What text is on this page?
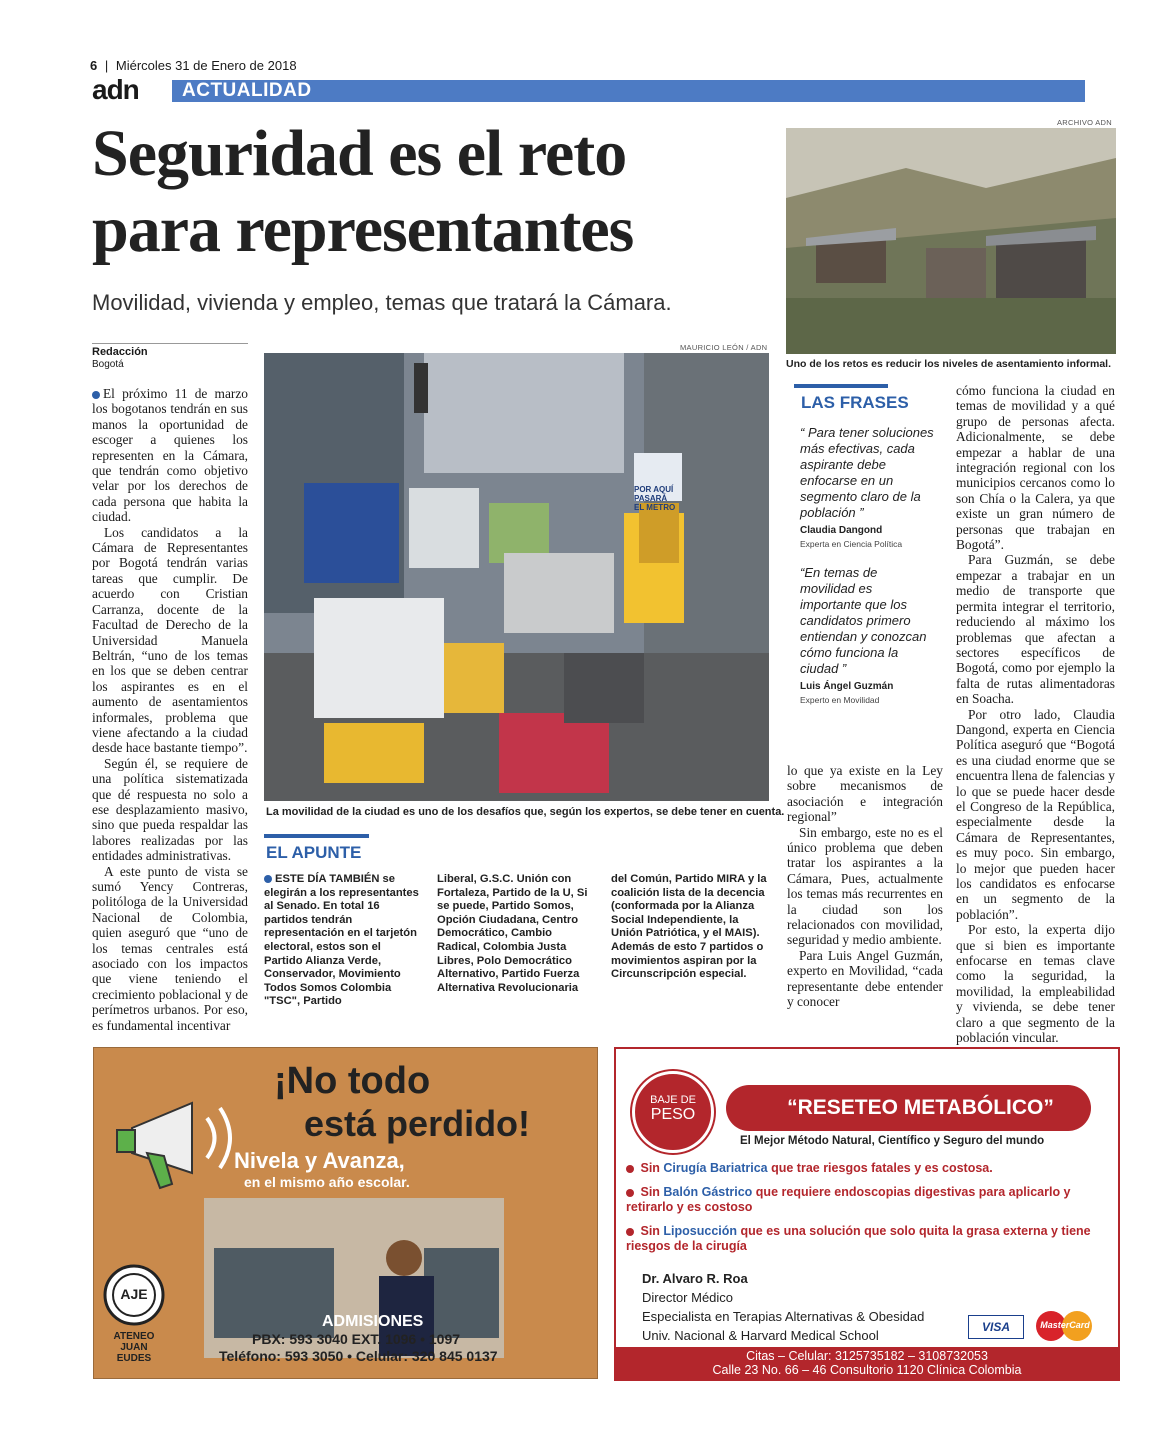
6 | Miércoles 31 de Enero de 2018
adn	ACTUALIDAD
Seguridad es el reto
para representantes
Movilidad, vivienda y empleo, temas que tratará la Cámara.
ARCHIVO ADN
Uno de los retos es reducir los niveles de asentamiento informal.
Redacción
Bogotá

El próximo 11 de marzo los bogotanos tendrán en sus manos la oportunidad de escoger a quienes los representen en la Cámara, que tendrán como objetivo velar por los derechos de cada persona que habita la ciudad.

Los candidatos a la Cámara de Representantes por Bogotá tendrán varias tareas que cumplir. De acuerdo con Cristian Carranza, docente de la Facultad de Derecho de la Universidad Manuela Beltrán, “uno de los temas en los que se deben centrar los aspirantes es en el aumento de asentamientos informales, problema que viene afectando a la ciudad desde hace bastante tiempo”.

Según él, se requiere de una política sistematizada que dé respuesta no solo a ese desplazamiento masivo, sino que pueda respaldar las labores realizadas por las entidades administrativas.

A este punto de vista se sumó Yency Contreras, politóloga de la Universidad Nacional de Colombia, quien aseguró que “uno de los temas centrales está asociado con los impactos que viene teniendo el crecimiento poblacional y de perímetros urbanos. Por eso, es fundamental incentivar

MAURICIO LEÓN / ADN
POR AQUÍ PASARÁ EL METRO
La movilidad de la ciudad es uno de los desafíos que, según los expertos, se debe tener en cuenta.
LAS FRASES
“ Para tener soluciones más efectivas, cada aspirante debe enfocarse en un segmento claro de la población ”
Claudia Dangond
Experta en Ciencia Política
“En temas de movilidad es importante que los candidatos primero entiendan y conozcan cómo funciona la ciudad ”
Luis Ángel Guzmán
Experto en Movilidad

lo que ya existe en la Ley sobre mecanismos de asociación e integración regional”

Sin embargo, este no es el único problema que deben tratar los aspirantes a la Cámara, Pues, actualmente los temas más recurrentes en la ciudad son los relacionados con movilidad, seguridad y medio ambiente.

Para Luis Angel Guzmán, experto en Movilidad, “cada representante debe entender y conocer

cómo funciona la ciudad en temas de movilidad y a qué grupo de personas afecta. Adicionalmente, se debe empezar a hablar de una integración regional con los municipios cercanos como lo son Chía o la Calera, ya que existe un gran número de personas que trabajan en Bogotá”.

Para Guzmán, se debe empezar a trabajar en un medio de transporte que permita integrar el territorio, reduciendo al máximo los problemas que afectan a sectores específicos de Bogotá, como por ejemplo la falta de rutas alimentadoras en Soacha.

Por otro lado, Claudia Dangond, experta en Ciencia Política aseguró que “Bogotá es una ciudad enorme que se encuentra llena de falencias y lo que se puede hacer desde el Congreso de la República, especialmente desde la Cámara de Representantes, es muy poco. Sin embargo, lo mejor que pueden hacer los candidatos es enfocarse en un segmento de la población”.

Por esto, la experta dijo que si bien es importante enfocarse en temas clave como la seguridad, la movilidad, la empleabilidad y vivienda, se debe tener claro a que segmento de la población vincular.

EL APUNTE
ESTE DÍA TAMBIÉN se elegirán a los representantes al Senado. En total 16 partidos tendrán representación en el tarjetón electoral, estos son el Partido Alianza Verde, Conservador, Movimiento Todos Somos Colombia "TSC", Partido
Liberal, G.S.C. Unión con Fortaleza, Partido de la U, Si se puede, Partido Somos, Opción Ciudadana, Centro Democrático, Cambio Radical, Colombia Justa Libres, Polo Democrático Alternativo, Partido Fuerza Alternativa Revolucionaria
del Común, Partido MIRA y la coalición lista de la decencia (conformada por la Alianza Social Independiente, la Unión Patriótica, y el MAIS). Además de esto 7 partidos o movimientos aspiran por la Circunscripción especial.
¡No todo
está perdido!
Nivela y Avanza,
en el mismo año escolar.
AJE
ATENEO
JUAN EUDES
ADMISIONES
PBX: 593 3040 EXT. 1096 • 1097
Teléfono: 593 3050 • Celular: 320 845 0137
“RESETEO METABÓLICO”
BAJE DE
PESO
El Mejor Método Natural, Científico y Seguro del mundo
Sin Cirugía Bariatrica que trae riesgos fatales y es costosa.
Sin Balón Gástrico que requiere endoscopias digestivas para aplicarlo y retirarlo y es costoso
Sin Liposucción que es una solución que solo quita la grasa externa y tiene riesgos de la cirugía
Dr. Alvaro R. Roa
Director Médico
Especialista en Terapias Alternativas & Obesidad
Univ. Nacional & Harvard Medical School
VISA	MasterCard
Citas – Celular: 3125735182 – 3108732053
Calle 23 No. 66 – 46 Consultorio 1120 Clínica Colombia
